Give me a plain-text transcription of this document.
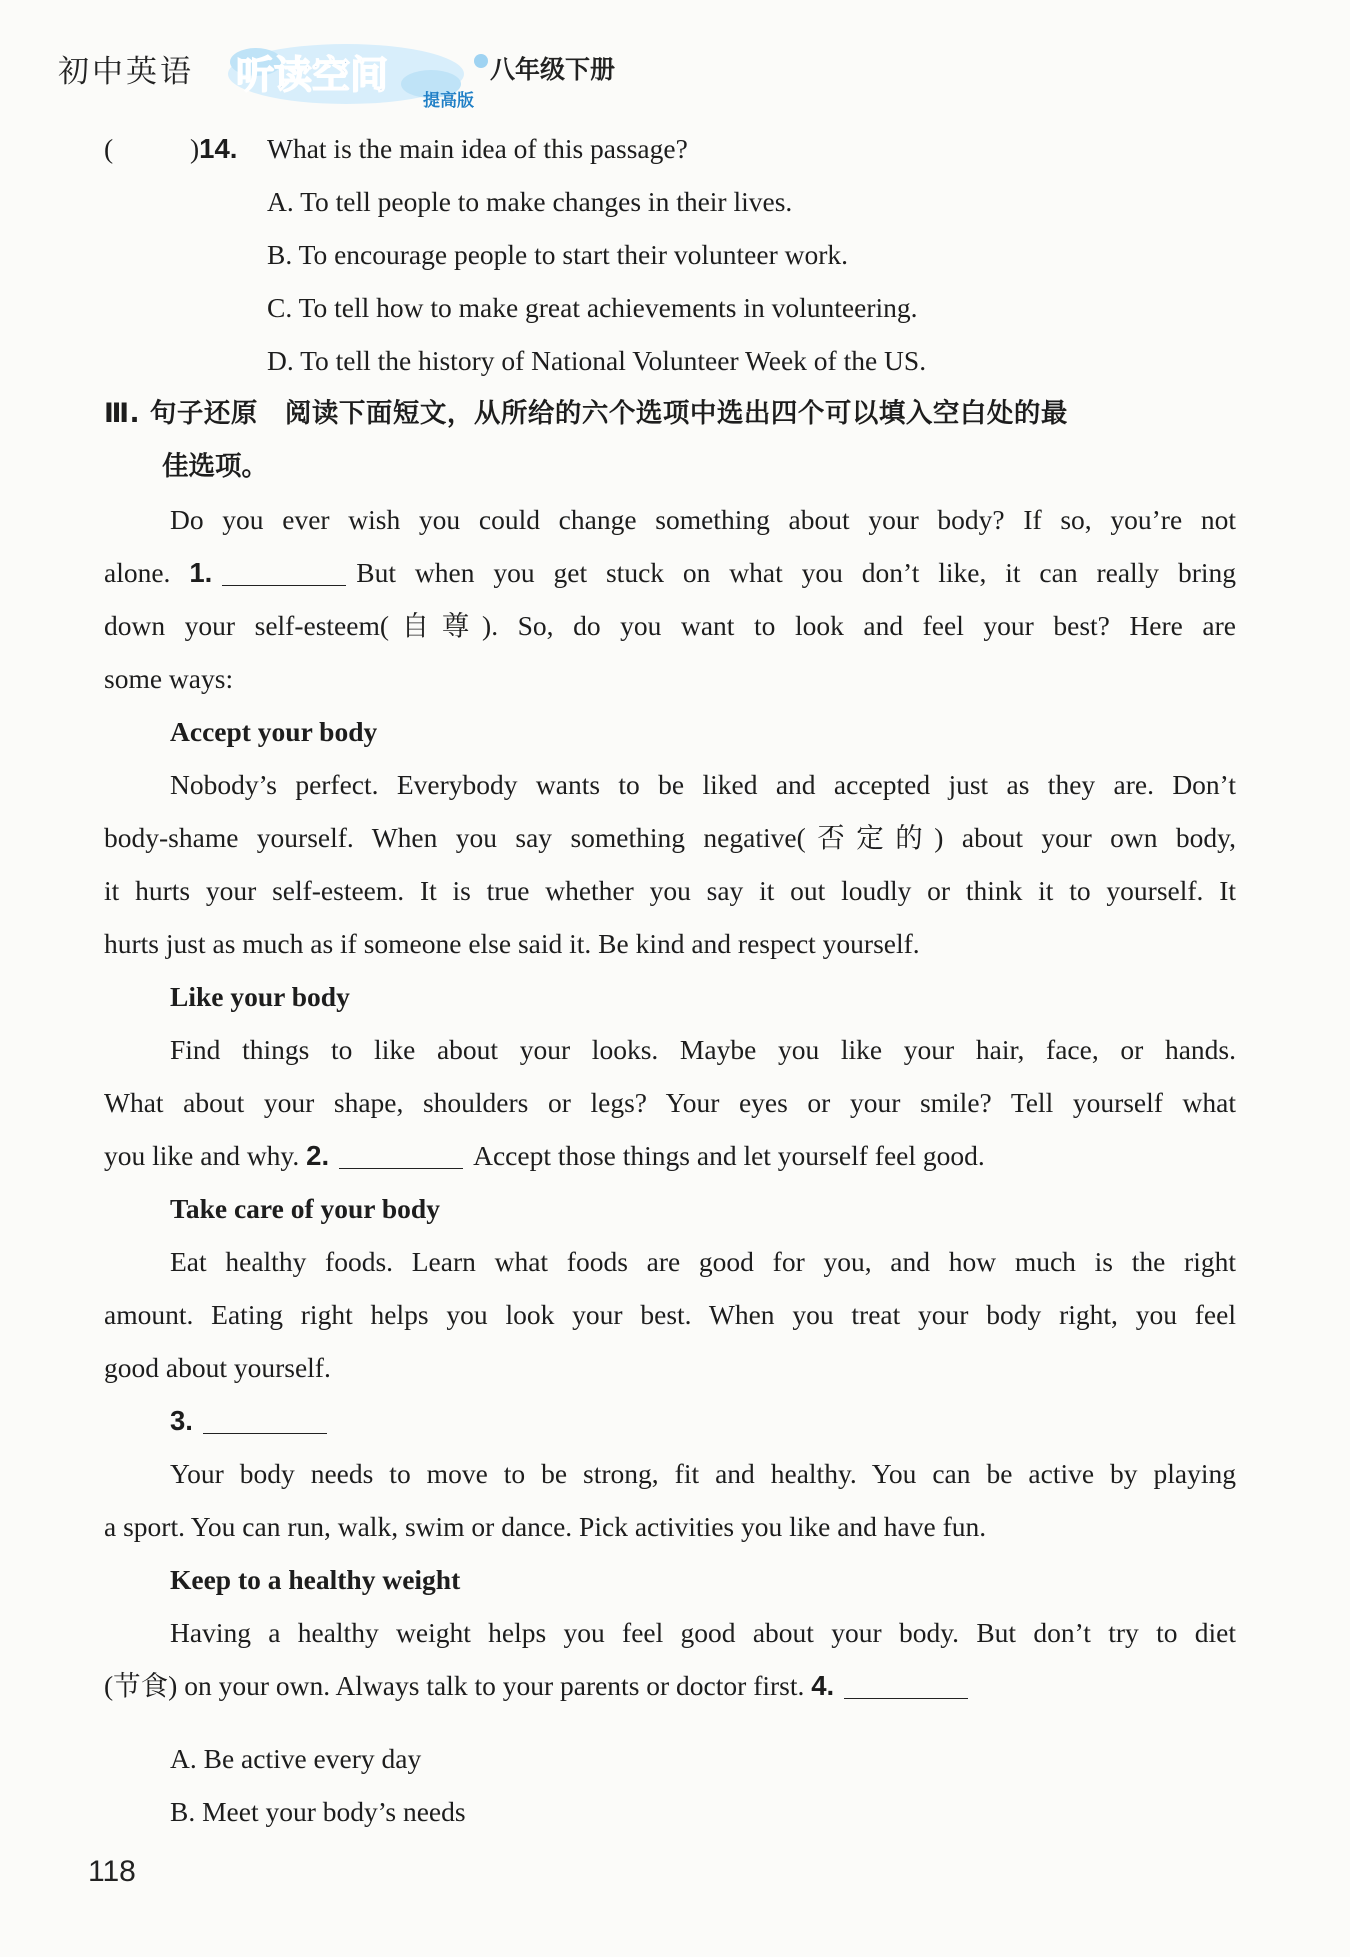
初中英语 听读空间
提高版
八年级下册
(	)14. What is the main idea of this passage?
A. To tell people to make changes in their lives.
B. To encourage people to start their volunteer work.
C. To tell how to make great achievements in volunteering.
D. To tell the history of National Volunteer Week of the US.
Ⅲ. 句子还原　阅读下面短文，从所给的六个选项中选出四个可以填入空白处的最
佳选项。
Do you ever wish you could change something about your body? If so, you’re not
alone. 1.	But when you get stuck on what you don’t like, it can really bring
down your self-esteem(自尊). So, do you want to look and feel your best? Here are
some ways:
Accept your body
Nobody’s perfect. Everybody wants to be liked and accepted just as they are. Don’t
body-shame yourself. When you say something negative(否定的) about your own body,
it hurts your self-esteem. It is true whether you say it out loudly or think it to yourself. It
hurts just as much as if someone else said it. Be kind and respect yourself.
Like your body
Find things to like about your looks. Maybe you like your hair, face, or hands.
What about your shape, shoulders or legs? Your eyes or your smile? Tell yourself what
you like and why. 2.	Accept those things and let yourself feel good.
Take care of your body
Eat healthy foods. Learn what foods are good for you, and how much is the right
amount. Eating right helps you look your best. When you treat your body right, you feel
good about yourself.
3.
Your body needs to move to be strong, fit and healthy. You can be active by playing
a sport. You can run, walk, swim or dance. Pick activities you like and have fun.
Keep to a healthy weight
Having a healthy weight helps you feel good about your body. But don’t try to diet
(节食) on your own. Always talk to your parents or doctor first. 4.
A. Be active every day
B. Meet your body’s needs
118
